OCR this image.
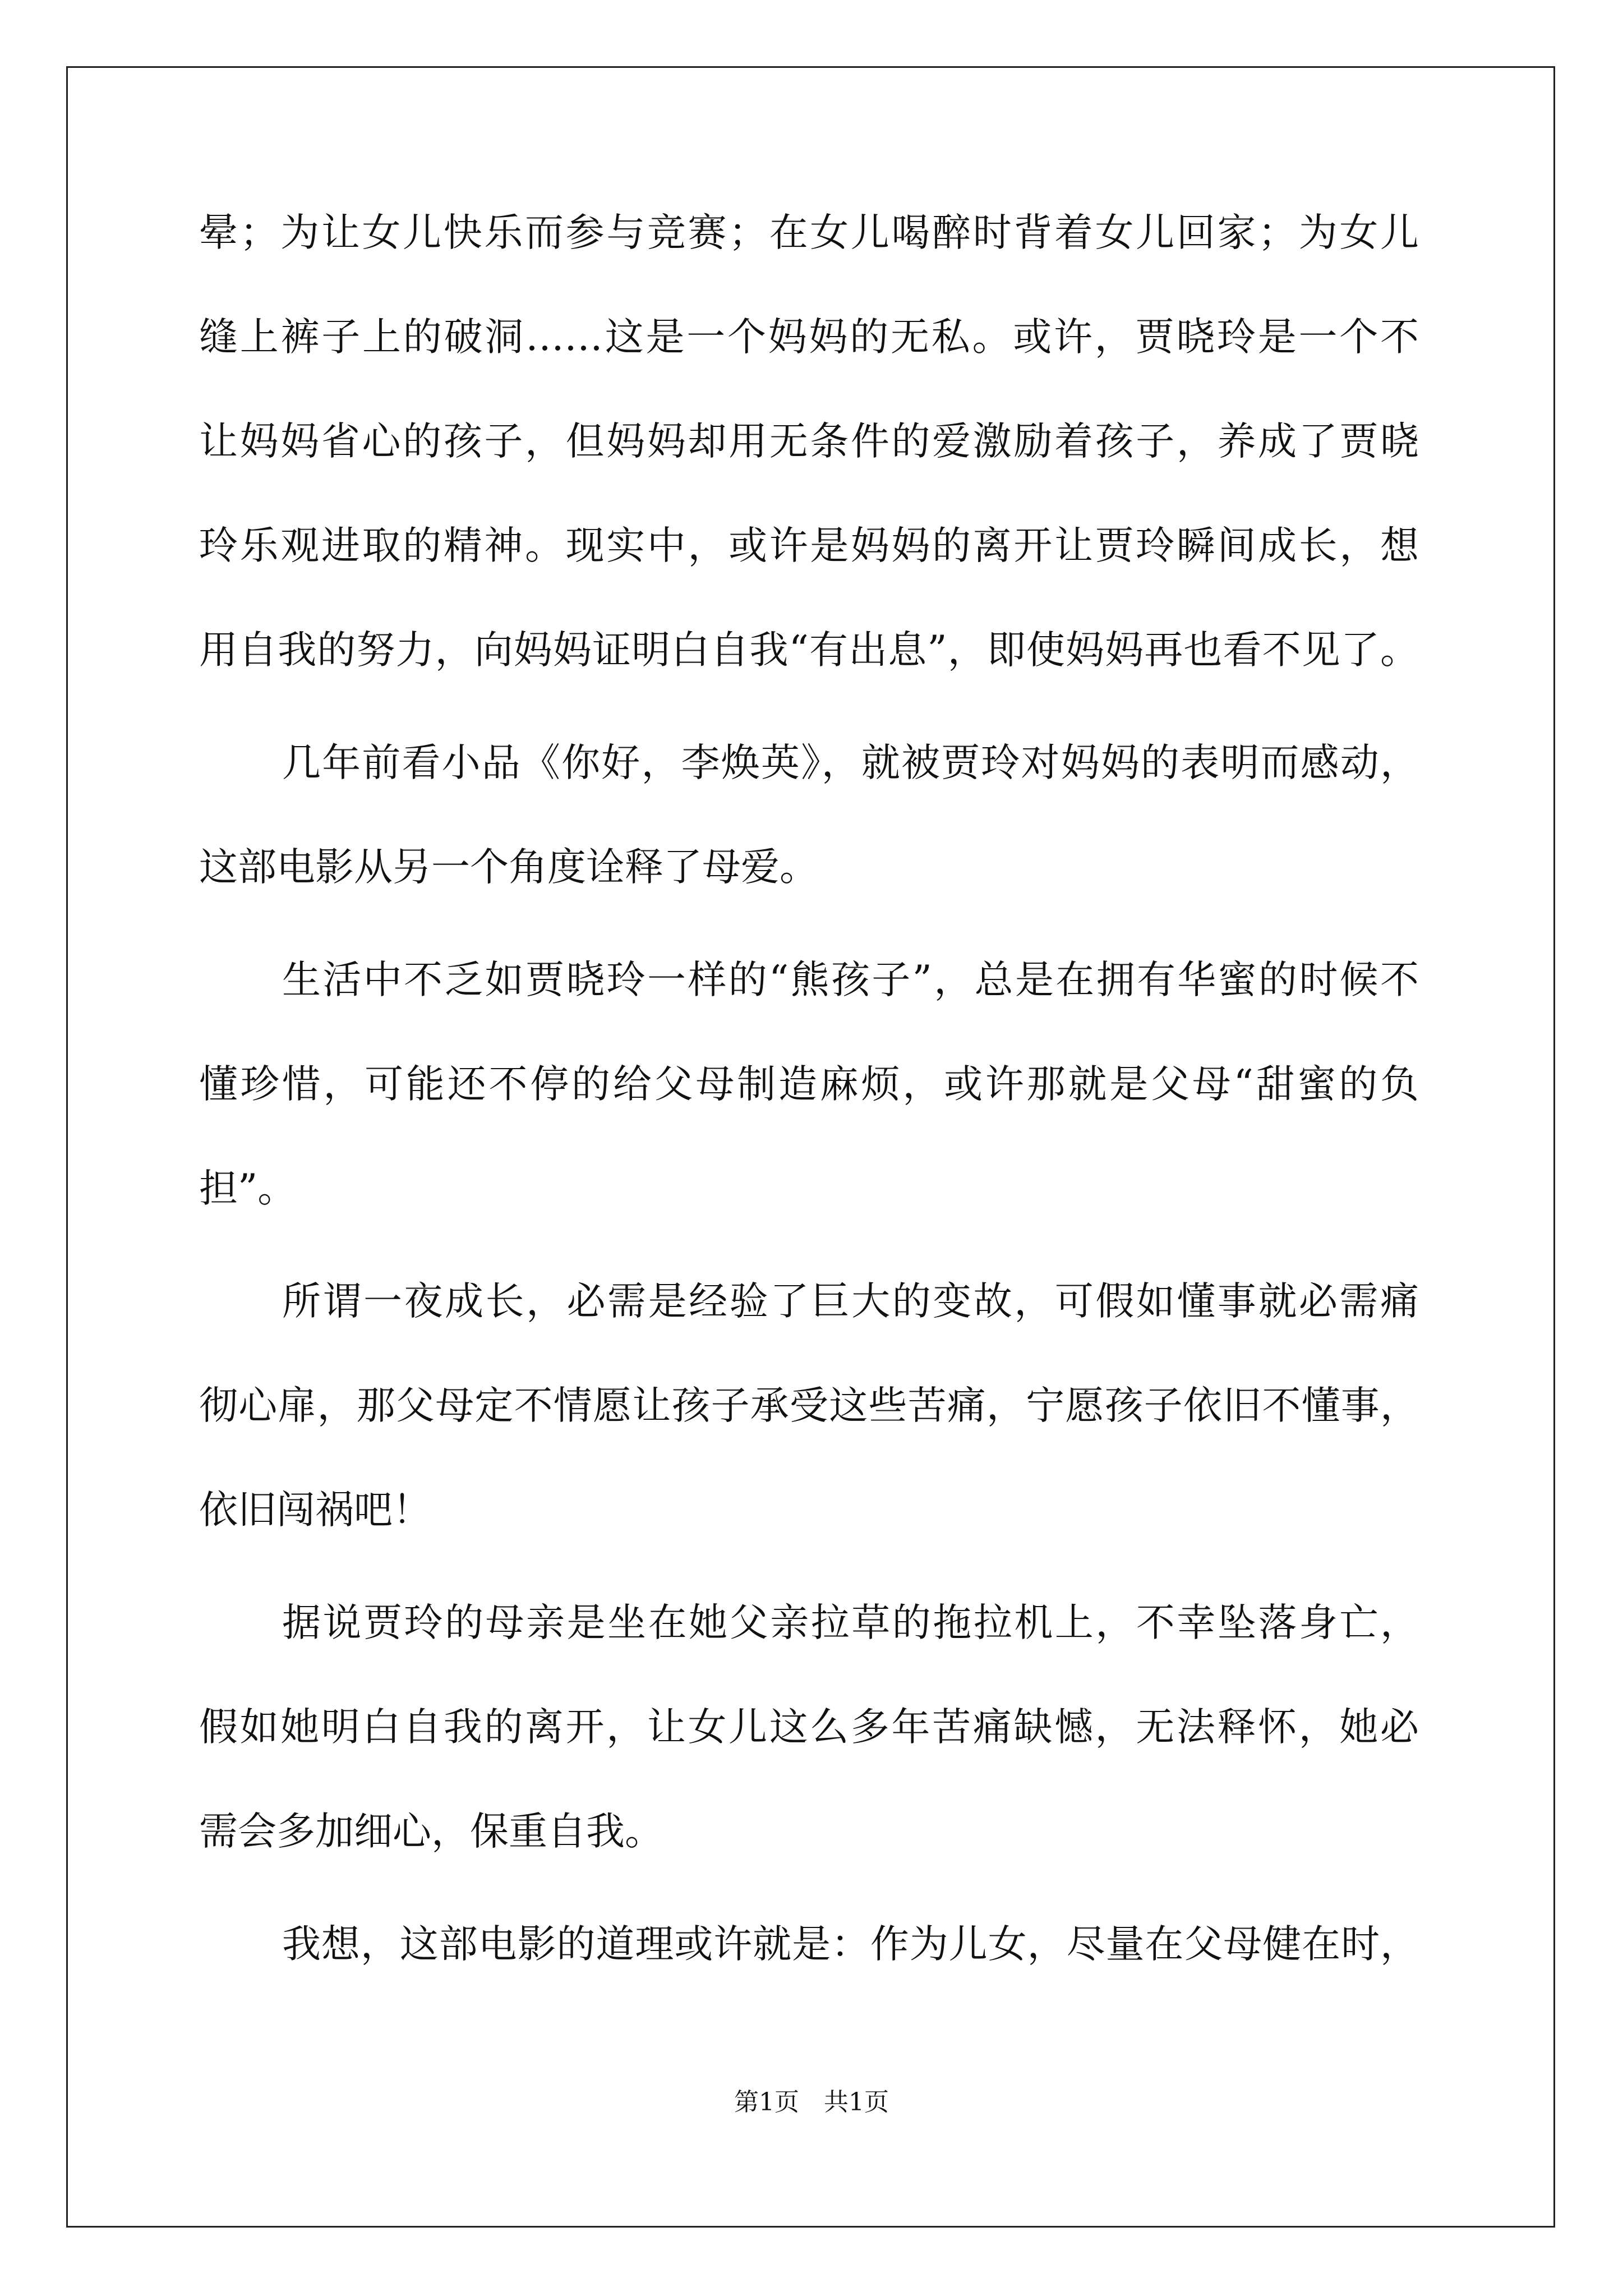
晕；为让女儿快乐而参与竞赛；在女儿喝醉时背着女儿回家；为女儿
缝上裤子上的破洞……这是一个妈妈的无私。或许，贾晓玲是一个不
让妈妈省心的孩子，但妈妈却用无条件的爱激励着孩子，养成了贾晓
玲乐观进取的精神。现实中，或许是妈妈的离开让贾玲瞬间成长，想
用自我的努力，向妈妈证明白自我“有出息”，即使妈妈再也看不见了。
几年前看小品《你好，李焕英》，就被贾玲对妈妈的表明而感动，
这部电影从另一个角度诠释了母爱。
生活中不乏如贾晓玲一样的“熊孩子”，总是在拥有华蜜的时候不
懂珍惜，可能还不停的给父母制造麻烦，或许那就是父母“甜蜜的负
担”。
所谓一夜成长，必需是经验了巨大的变故，可假如懂事就必需痛
彻心扉，那父母定不情愿让孩子承受这些苦痛，宁愿孩子依旧不懂事，
依旧闯祸吧！
据说贾玲的母亲是坐在她父亲拉草的拖拉机上，不幸坠落身亡，
假如她明白自我的离开，让女儿这么多年苦痛缺憾，无法释怀，她必
需会多加细心，保重自我。
我想，这部电影的道理或许就是：作为儿女，尽量在父母健在时，
第1页　共1页
